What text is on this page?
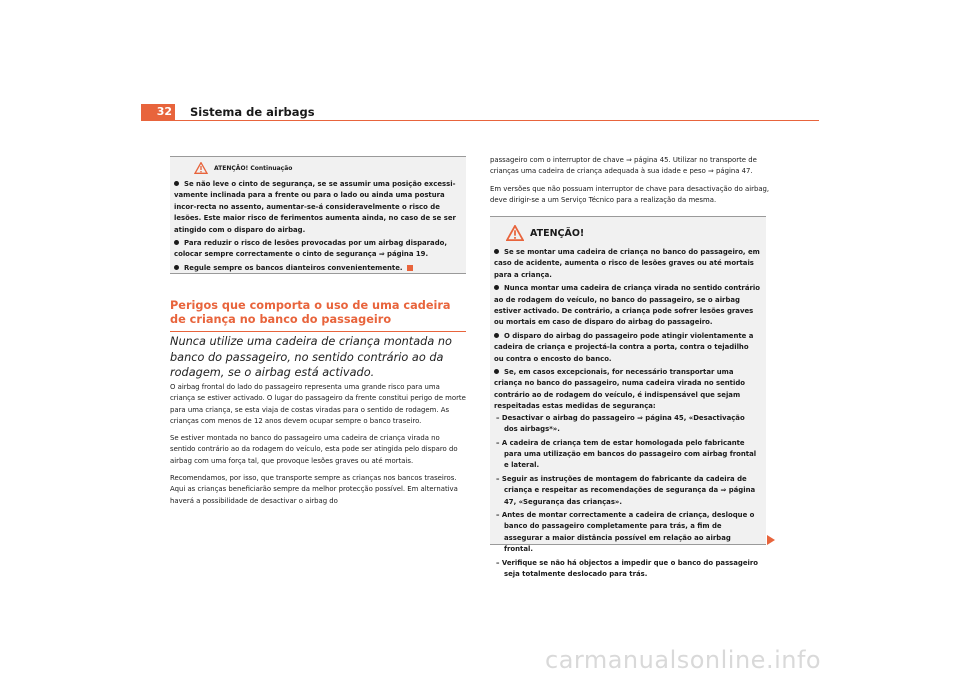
32 Sistema de airbags
ATENÇÃO! Continuação
Se não leve o cinto de segurança, se se assumir uma posição excessi-vamente inclinada para a frente ou para o lado ou ainda uma postura incor-recta no assento, aumentar-se-á consideravelmente o risco de lesões. Este maior risco de ferimentos aumenta ainda, no caso de se ser atingido com o disparo do airbag.
Para reduzir o risco de lesões provocadas por um airbag disparado, colocar sempre correctamente o cinto de segurança ⇒ página 19.
Regule sempre os bancos dianteiros convenientemente.
Perigos que comporta o uso de uma cadeira de criança no banco do passageiro
Nunca utilize uma cadeira de criança montada no banco do passageiro, no sentido contrário ao da rodagem, se o airbag está activado.

O airbag frontal do lado do passageiro representa uma grande risco para uma criança se estiver activado. O lugar do passageiro da frente constitui perigo de morte para uma criança, se esta viaja de costas viradas para o sentido de rodagem. As crianças com menos de 12 anos devem ocupar sempre o banco traseiro.

Se estiver montada no banco do passageiro uma cadeira de criança virada no sentido contrário ao da rodagem do veículo, esta pode ser atingida pelo disparo do airbag com uma força tal, que provoque lesões graves ou até mortais.

Recomendamos, por isso, que transporte sempre as crianças nos bancos traseiros. Aqui as crianças beneficiarão sempre da melhor protecção possível. Em alternativa haverá a possibilidade de desactivar o airbag do

passageiro com o interruptor de chave ⇒ página 45. Utilizar no transporte de crianças uma cadeira de criança adequada à sua idade e peso ⇒ página 47.

Em versões que não possuam interruptor de chave para desactivação do airbag, deve dirigir-se a um Serviço Técnico para a realização da mesma.

ATENÇÃO!
Se se montar uma cadeira de criança no banco do passageiro, em caso de acidente, aumenta o risco de lesões graves ou até mortais para a criança.
Nunca montar uma cadeira de criança virada no sentido contrário ao de rodagem do veículo, no banco do passageiro, se o airbag estiver activado. De contrário, a criança pode sofrer lesões graves ou mortais em caso de disparo do airbag do passageiro.
O disparo do airbag do passageiro pode atingir violentamente a cadeira de criança e projectá-la contra a porta, contra o tejadilho ou contra o encosto do banco.
Se, em casos excepcionais, for necessário transportar uma criança no banco do passageiro, numa cadeira virada no sentido contrário ao de rodagem do veículo, é indispensável que sejam respeitadas estas medidas de segurança:
– Desactivar o airbag do passageiro ⇒ página 45, «Desactivação dos airbags*».
– A cadeira de criança tem de estar homologada pelo fabricante para uma utilização em bancos do passageiro com airbag frontal e lateral.
– Seguir as instruções de montagem do fabricante da cadeira de criança e respeitar as recomendações de segurança da ⇒ página 47, «Segurança das crianças».
– Antes de montar correctamente a cadeira de criança, desloque o banco do passageiro completamente para trás, a fim de assegurar a maior distância possível em relação ao airbag frontal.
– Verifique se não há objectos a impedir que o banco do passageiro seja totalmente deslocado para trás.
carmanualsonline.info
